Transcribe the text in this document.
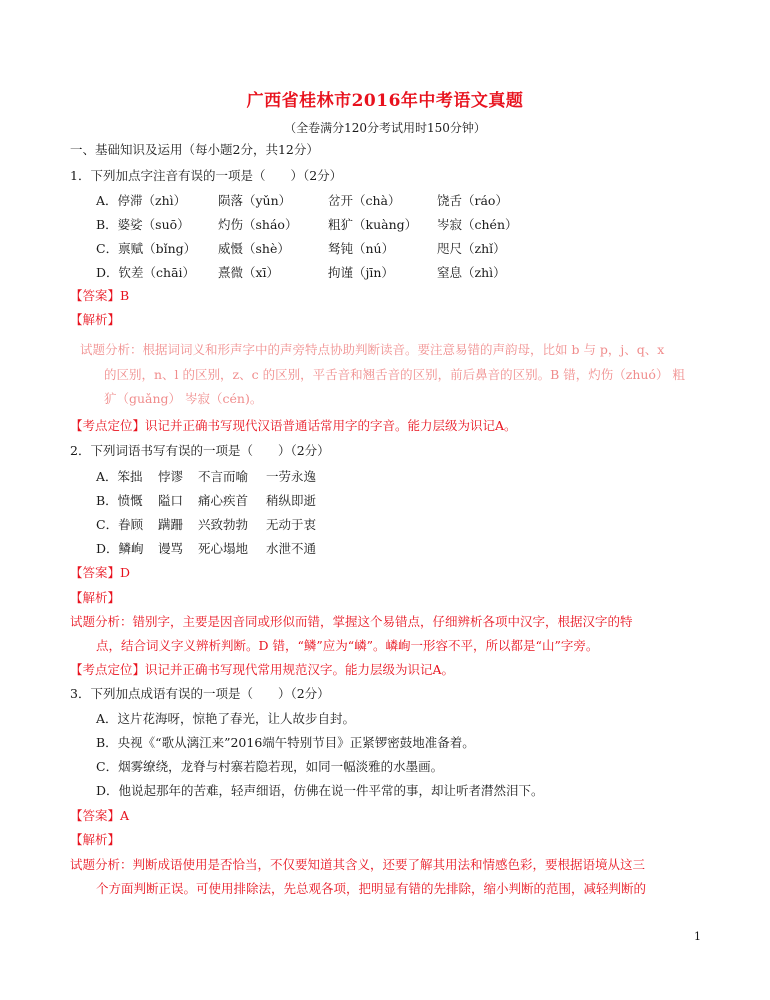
广西省桂林市2016年中考语文真题
（全卷满分120分考试用时150分钟）
一、基础知识及运用（每小题2分，共12分）
1．下列加点字注音有误的一项是（　　）（2分）
A．停滞（zhì）	陨落（yǔn）	岔开（chà）	饶舌（ráo）
B．婆娑（suō） 灼伤（sháo） 粗犷（kuàng） 岑寂（chén）
C．禀赋（bǐng） 威慑（shè）	驽钝（nú）	咫尺（zhǐ）
D．钦差（chāi） 熹微（xī）	拘谨（jīn）	窒息（zhì）
【答案】B
【解析】
试题分析：根据词词义和形声字中的声旁特点协助判断读音。要注意易错的声韵母，比如 b 与 p，j、q、x
的区别，n、l 的区别，z、c 的区别，平舌音和翘舌音的区别，前后鼻音的区别。B 错，灼伤（zhuó） 粗
犷（guǎng） 岑寂（cén)。
【考点定位】识记并正确书写现代汉语普通话常用字的字音。能力层级为识记A。
2．下列词语书写有误的一项是（　　）（2分）
A．笨拙 悖谬 不言而喻 一劳永逸
B．愤慨 隘口 痛心疾首 稍纵即逝
C．眷顾 蹒跚 兴致勃勃 无动于衷
D．鳞峋 谩骂 死心塌地 水泄不通
【答案】D
【解析】
试题分析：错别字，主要是因音同或形似而错，掌握这个易错点，仔细辨析各项中汉字，根据汉字的特
点，结合词义字义辨析判断。D 错，“鳞”应为“嶙”。嶙峋一形容不平，所以都是“山”字旁。
【考点定位】识记并正确书写现代常用规范汉字。能力层级为识记A。
3．下列加点成语有误的一项是（　　）（2分）
A．这片花海呀，惊艳了春光，让人故步自封。
B．央视《“歌从漓江来”2016端午特别节目》正紧锣密鼓地准备着。
C．烟雾缭绕，龙脊与村寨若隐若现，如同一幅淡雅的水墨画。
D．他说起那年的苦难，轻声细语，仿佛在说一件平常的事，却让听者潸然泪下。
【答案】A
【解析】
试题分析：判断成语使用是否恰当，不仅要知道其含义，还要了解其用法和情感色彩，要根据语境从这三
个方面判断正误。可使用排除法，先总观各项，把明显有错的先排除，缩小判断的范围，减轻判断的
1
